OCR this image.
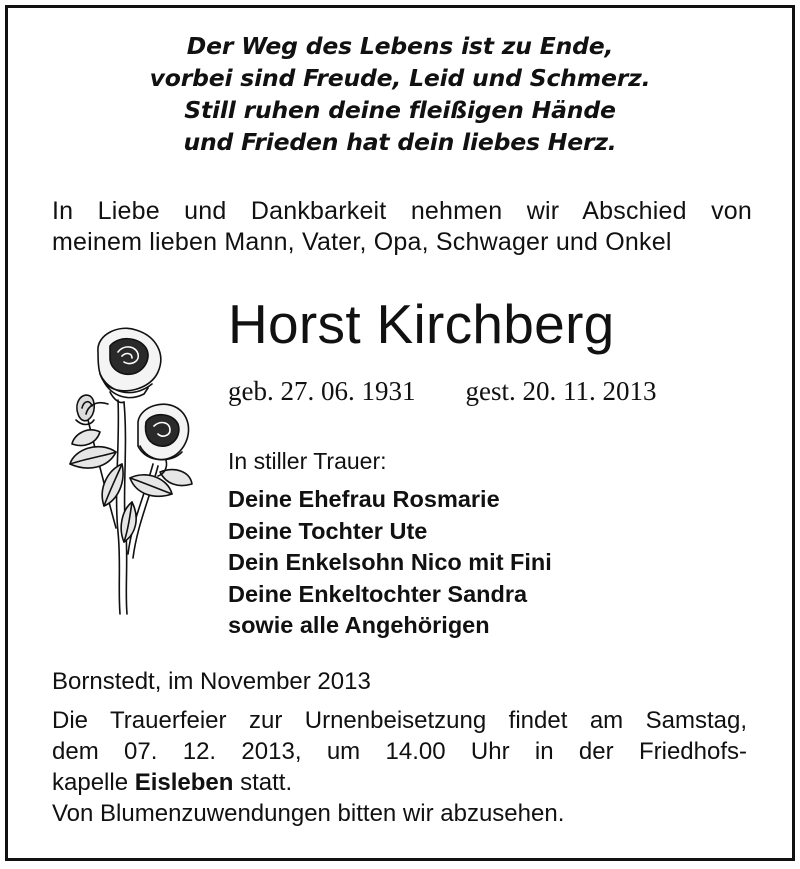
Der Weg des Lebens ist zu Ende,
vorbei sind Freude, Leid und Schmerz.
Still ruhen deine fleißigen Hände
und Frieden hat dein liebes Herz.
In Liebe und Dankbarkeit nehmen wir Abschied von
meinem lieben Mann, Vater, Opa, Schwager und Onkel
Horst Kirchberg
geb. 27. 06. 1931 gest. 20. 11. 2013
In stiller Trauer:
Deine Ehefrau Rosmarie
Deine Tochter Ute
Dein Enkelsohn Nico mit Fini
Deine Enkeltochter Sandra
sowie alle Angehörigen
Bornstedt, im November 2013
Die Trauerfeier zur Urnenbeisetzung findet am Samstag,
dem 07. 12. 2013, um 14.00 Uhr in der Friedhofs-
kapelle Eisleben statt.
Von Blumenzuwendungen bitten wir abzusehen.
